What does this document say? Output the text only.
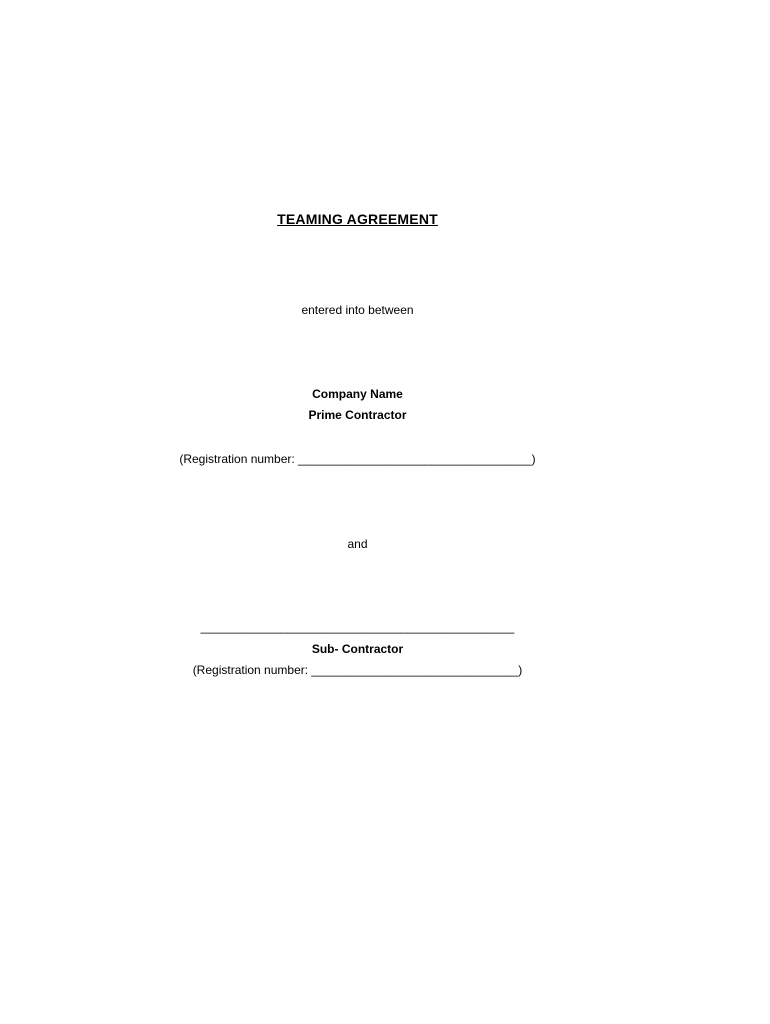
TEAMING AGREEMENT
entered into between
Company Name
Prime Contractor
(Registration number: ___________________________________)
and
_______________________________________________
Sub- Contractor
(Registration number: _______________________________)
